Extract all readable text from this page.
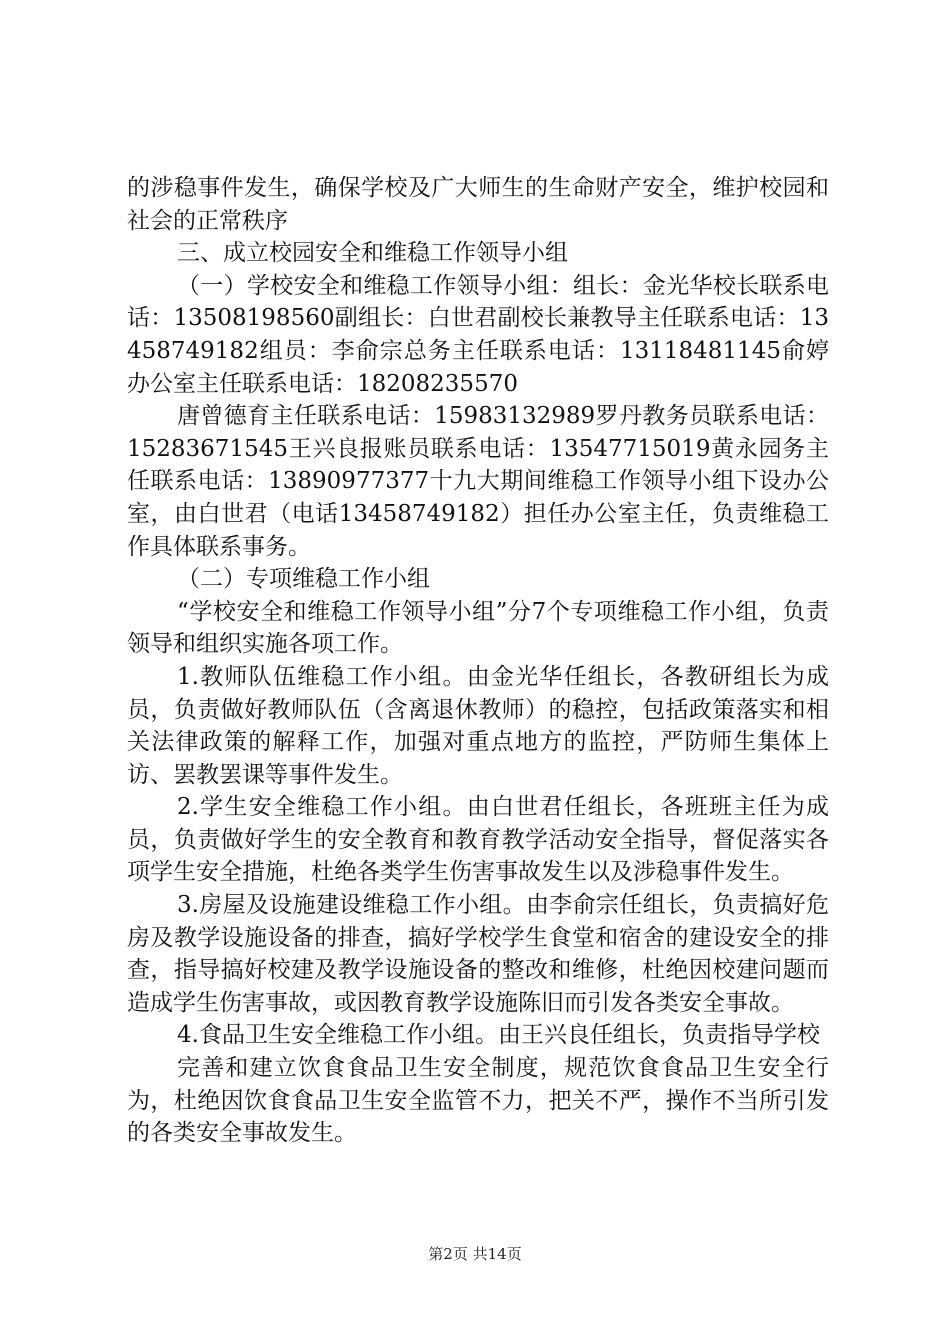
的涉稳事件发生，确保学校及广大师生的生命财产安全，维护校园和社会的正常秩序

三、成立校园安全和维稳工作领导小组

（一）学校安全和维稳工作领导小组：组长：金光华校长联系电话：13508198560副组长：白世君副校长兼教导主任联系电话：13458749182组员：李俞宗总务主任联系电话：13118481145俞婷办公室主任联系电话：18208235570

唐曾德育主任联系电话：15983132989罗丹教务员联系电话：15283671545王兴良报账员联系电话：13547715019黄永园务主任联系电话：13890977377十九大期间维稳工作领导小组下设办公室，由白世君（电话13458749182）担任办公室主任，负责维稳工作具体联系事务。

（二）专项维稳工作小组

“学校安全和维稳工作领导小组”分7个专项维稳工作小组，负责领导和组织实施各项工作。

1.教师队伍维稳工作小组。由金光华任组长，各教研组长为成员，负责做好教师队伍（含离退休教师）的稳控，包括政策落实和相关法律政策的解释工作，加强对重点地方的监控，严防师生集体上访、罢教罢课等事件发生。

2.学生安全维稳工作小组。由白世君任组长，各班班主任为成员，负责做好学生的安全教育和教育教学活动安全指导，督促落实各项学生安全措施，杜绝各类学生伤害事故发生以及涉稳事件发生。

3.房屋及设施建设维稳工作小组。由李俞宗任组长，负责搞好危房及教学设施设备的排查，搞好学校学生食堂和宿舍的建设安全的排查，指导搞好校建及教学设施设备的整改和维修，杜绝因校建问题而造成学生伤害事故，或因教育教学设施陈旧而引发各类安全事故。

4.食品卫生安全维稳工作小组。由王兴良任组长，负责指导学校

完善和建立饮食食品卫生安全制度，规范饮食食品卫生安全行为，杜绝因饮食食品卫生安全监管不力，把关不严，操作不当所引发的各类安全事故发生。

第2页 共14页
